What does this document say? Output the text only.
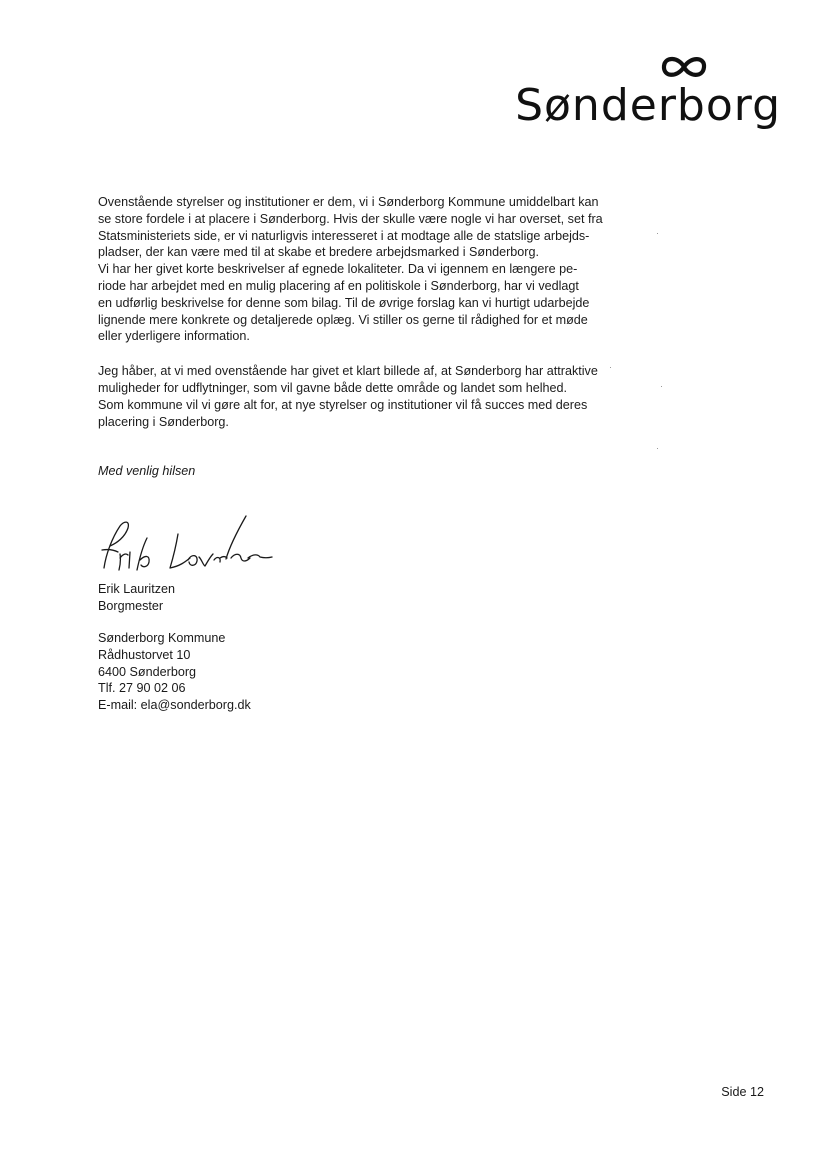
Sønderborg

Ovenstående styrelser og institutioner er dem, vi i Sønderborg Kommune umiddelbart kan
se store fordele i at placere i Sønderborg. Hvis der skulle være nogle vi har overset, set fra
Statsministeriets side, er vi naturligvis interesseret i at modtage alle de statslige arbejds-
pladser, der kan være med til at skabe et bredere arbejdsmarked i Sønderborg.
Vi har her givet korte beskrivelser af egnede lokaliteter. Da vi igennem en længere pe-
riode har arbejdet med en mulig placering af en politiskole i Sønderborg, har vi vedlagt
en udførlig beskrivelse for denne som bilag. Til de øvrige forslag kan vi hurtigt udarbejde
lignende mere konkrete og detaljerede oplæg. Vi stiller os gerne til rådighed for et møde
eller yderligere information.

Jeg håber, at vi med ovenstående har givet et klart billede af, at Sønderborg har attraktive
muligheder for udflytninger, som vil gavne både dette område og landet som helhed.
Som kommune vil vi gøre alt for, at nye styrelser og institutioner vil få succes med deres
placering i Sønderborg.

Med venlig hilsen
Erik Lauritzen
Borgmester
Sønderborg Kommune
Rådhustorvet 10
6400 Sønderborg
Tlf. 27 90 02 06
E-mail: ela@sonderborg.dk
Side 12
